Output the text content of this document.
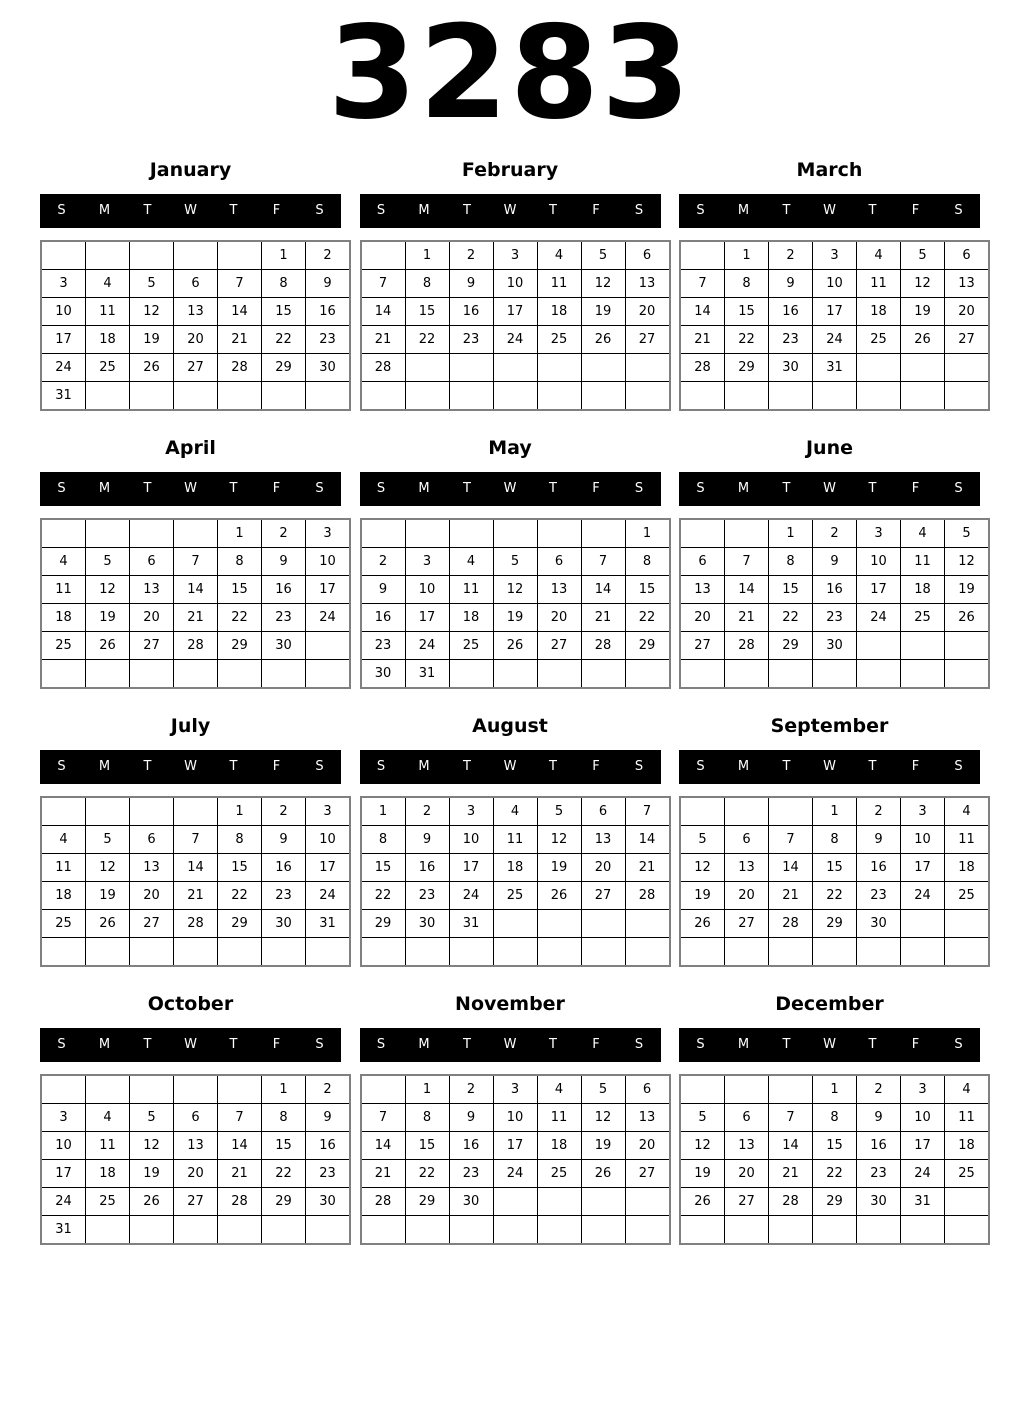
3283
January
S	M	T	W	T	F	S
					1	2
3	4	5	6	7	8	9
10	11	12	13	14	15	16
17	18	19	20	21	22	23
24	25	26	27	28	29	30
31						
February
S	M	T	W	T	F	S
	1	2	3	4	5	6
7	8	9	10	11	12	13
14	15	16	17	18	19	20
21	22	23	24	25	26	27
28						

March
S	M	T	W	T	F	S
	1	2	3	4	5	6
7	8	9	10	11	12	13
14	15	16	17	18	19	20
21	22	23	24	25	26	27
28	29	30	31			

April
S	M	T	W	T	F	S
				1	2	3
4	5	6	7	8	9	10
11	12	13	14	15	16	17
18	19	20	21	22	23	24
25	26	27	28	29	30	

May
S	M	T	W	T	F	S
						1
2	3	4	5	6	7	8
9	10	11	12	13	14	15
16	17	18	19	20	21	22
23	24	25	26	27	28	29
30	31					
June
S	M	T	W	T	F	S
		1	2	3	4	5
6	7	8	9	10	11	12
13	14	15	16	17	18	19
20	21	22	23	24	25	26
27	28	29	30			

July
S	M	T	W	T	F	S
				1	2	3
4	5	6	7	8	9	10
11	12	13	14	15	16	17
18	19	20	21	22	23	24
25	26	27	28	29	30	31

August
S	M	T	W	T	F	S
1	2	3	4	5	6	7
8	9	10	11	12	13	14
15	16	17	18	19	20	21
22	23	24	25	26	27	28
29	30	31				

September
S	M	T	W	T	F	S
			1	2	3	4
5	6	7	8	9	10	11
12	13	14	15	16	17	18
19	20	21	22	23	24	25
26	27	28	29	30		

October
S	M	T	W	T	F	S
					1	2
3	4	5	6	7	8	9
10	11	12	13	14	15	16
17	18	19	20	21	22	23
24	25	26	27	28	29	30
31						
November
S	M	T	W	T	F	S
	1	2	3	4	5	6
7	8	9	10	11	12	13
14	15	16	17	18	19	20
21	22	23	24	25	26	27
28	29	30				

December
S	M	T	W	T	F	S
			1	2	3	4
5	6	7	8	9	10	11
12	13	14	15	16	17	18
19	20	21	22	23	24	25
26	27	28	29	30	31	
